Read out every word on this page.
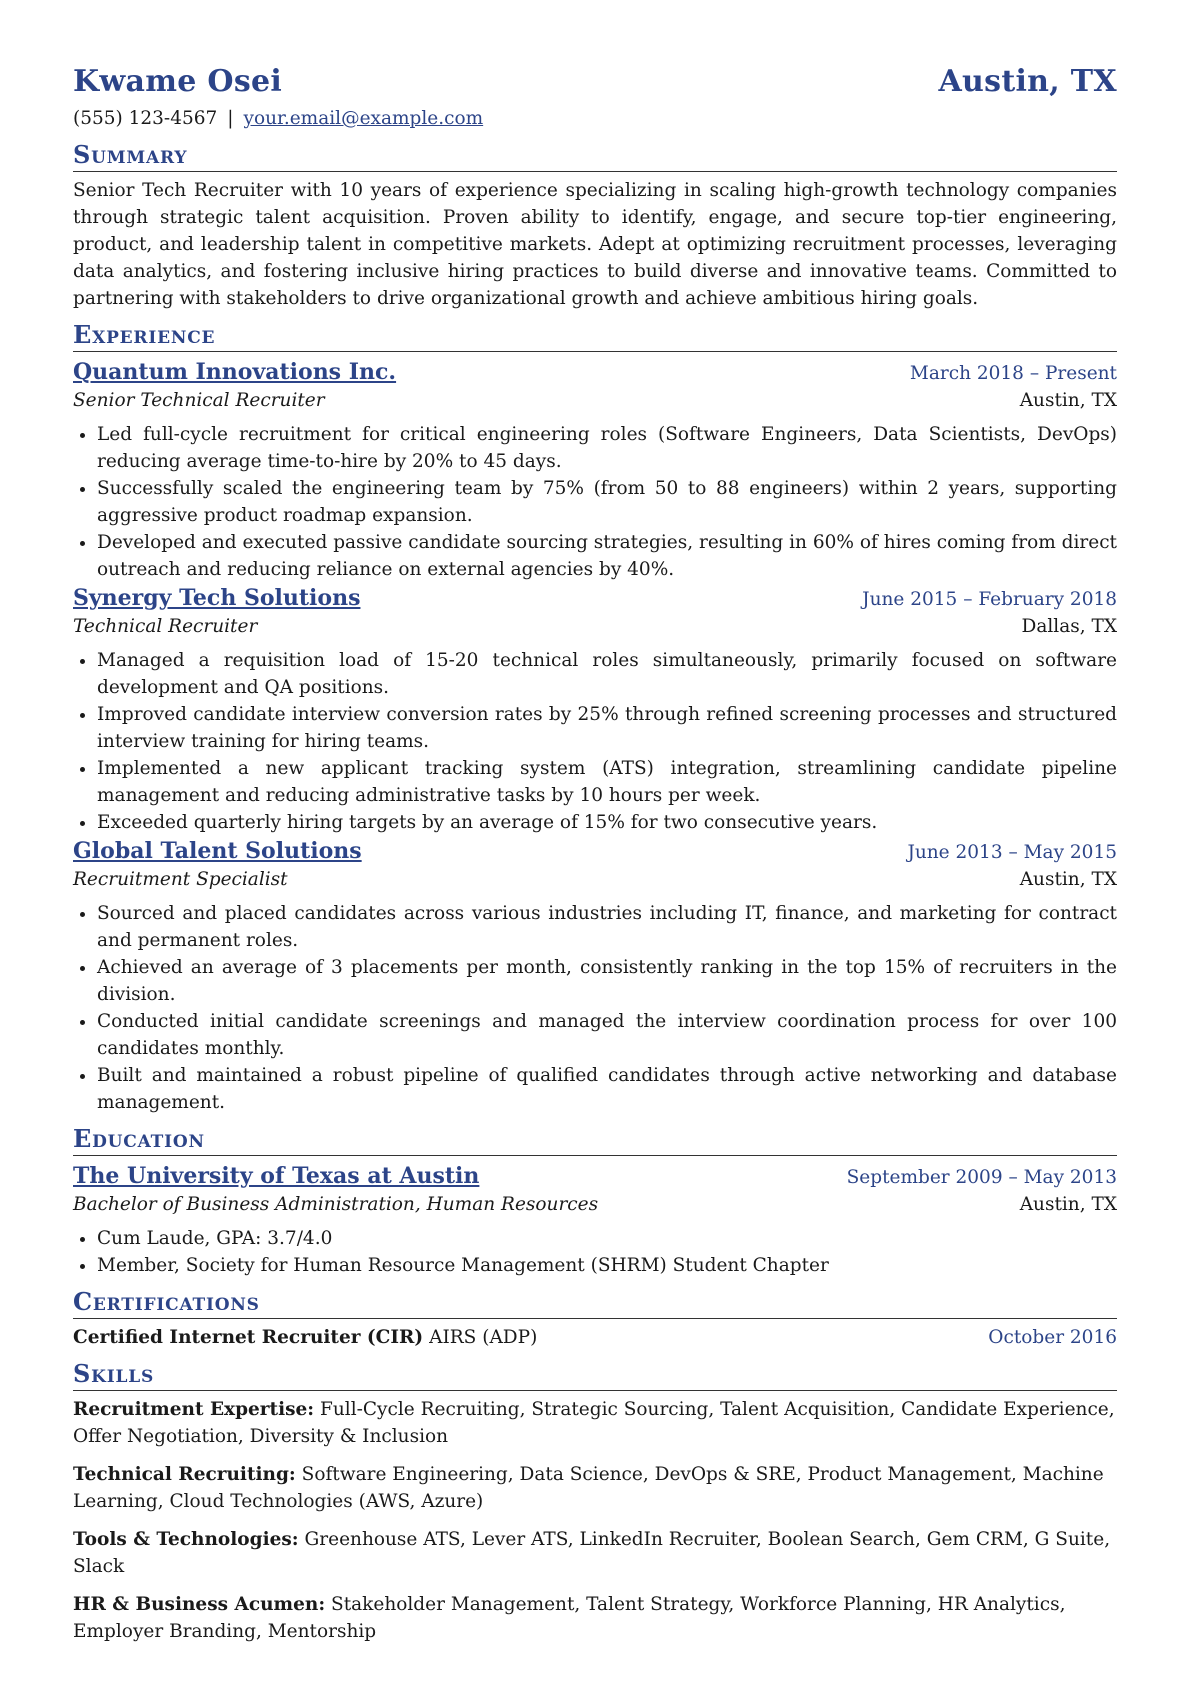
Kwame Osei	Austin, TX
(555) 123-4567 | your.email@example.com
Summary
Senior Tech Recruiter with 10 years of experience specializing in scaling high-growth technology companies through strategic talent acquisition. Proven ability to identify, engage, and secure top-tier engineering, product, and leadership talent in competitive markets. Adept at optimizing recruitment processes, leveraging data analytics, and fostering inclusive hiring practices to build diverse and innovative teams. Committed to partnering with stakeholders to drive organizational growth and achieve ambitious hiring goals.
Experience
Quantum Innovations Inc.	March 2018 – Present
Senior Technical Recruiter	Austin, TX
• Led full-cycle recruitment for critical engineering roles (Software Engineers, Data Scientists, DevOps) reducing average time-to-hire by 20% to 45 days.
• Successfully scaled the engineering team by 75% (from 50 to 88 engineers) within 2 years, supporting aggressive product roadmap expansion.
• Developed and executed passive candidate sourcing strategies, resulting in 60% of hires coming from direct outreach and reducing reliance on external agencies by 40%.
Synergy Tech Solutions	June 2015 – February 2018
Technical Recruiter	Dallas, TX
• Managed a requisition load of 15-20 technical roles simultaneously, primarily focused on software development and QA positions.
• Improved candidate interview conversion rates by 25% through refined screening processes and structured interview training for hiring teams.
• Implemented a new applicant tracking system (ATS) integration, streamlining candidate pipeline management and reducing administrative tasks by 10 hours per week.
• Exceeded quarterly hiring targets by an average of 15% for two consecutive years.
Global Talent Solutions	June 2013 – May 2015
Recruitment Specialist	Austin, TX
• Sourced and placed candidates across various industries including IT, finance, and marketing for contract and permanent roles.
• Achieved an average of 3 placements per month, consistently ranking in the top 15% of recruiters in the division.
• Conducted initial candidate screenings and managed the interview coordination process for over 100 candidates monthly.
• Built and maintained a robust pipeline of qualified candidates through active networking and database management.
Education
The University of Texas at Austin	September 2009 – May 2013
Bachelor of Business Administration, Human Resources	Austin, TX
• Cum Laude, GPA: 3.7/4.0
• Member, Society for Human Resource Management (SHRM) Student Chapter
Certifications
Certified Internet Recruiter (CIR) AIRS (ADP)	October 2016
Skills
Recruitment Expertise: Full-Cycle Recruiting, Strategic Sourcing, Talent Acquisition, Candidate Experience, Offer Negotiation, Diversity & Inclusion
Technical Recruiting: Software Engineering, Data Science, DevOps & SRE, Product Management, Machine Learning, Cloud Technologies (AWS, Azure)
Tools & Technologies: Greenhouse ATS, Lever ATS, LinkedIn Recruiter, Boolean Search, Gem CRM, G Suite, Slack
HR & Business Acumen: Stakeholder Management, Talent Strategy, Workforce Planning, HR Analytics, Employer Branding, Mentorship
